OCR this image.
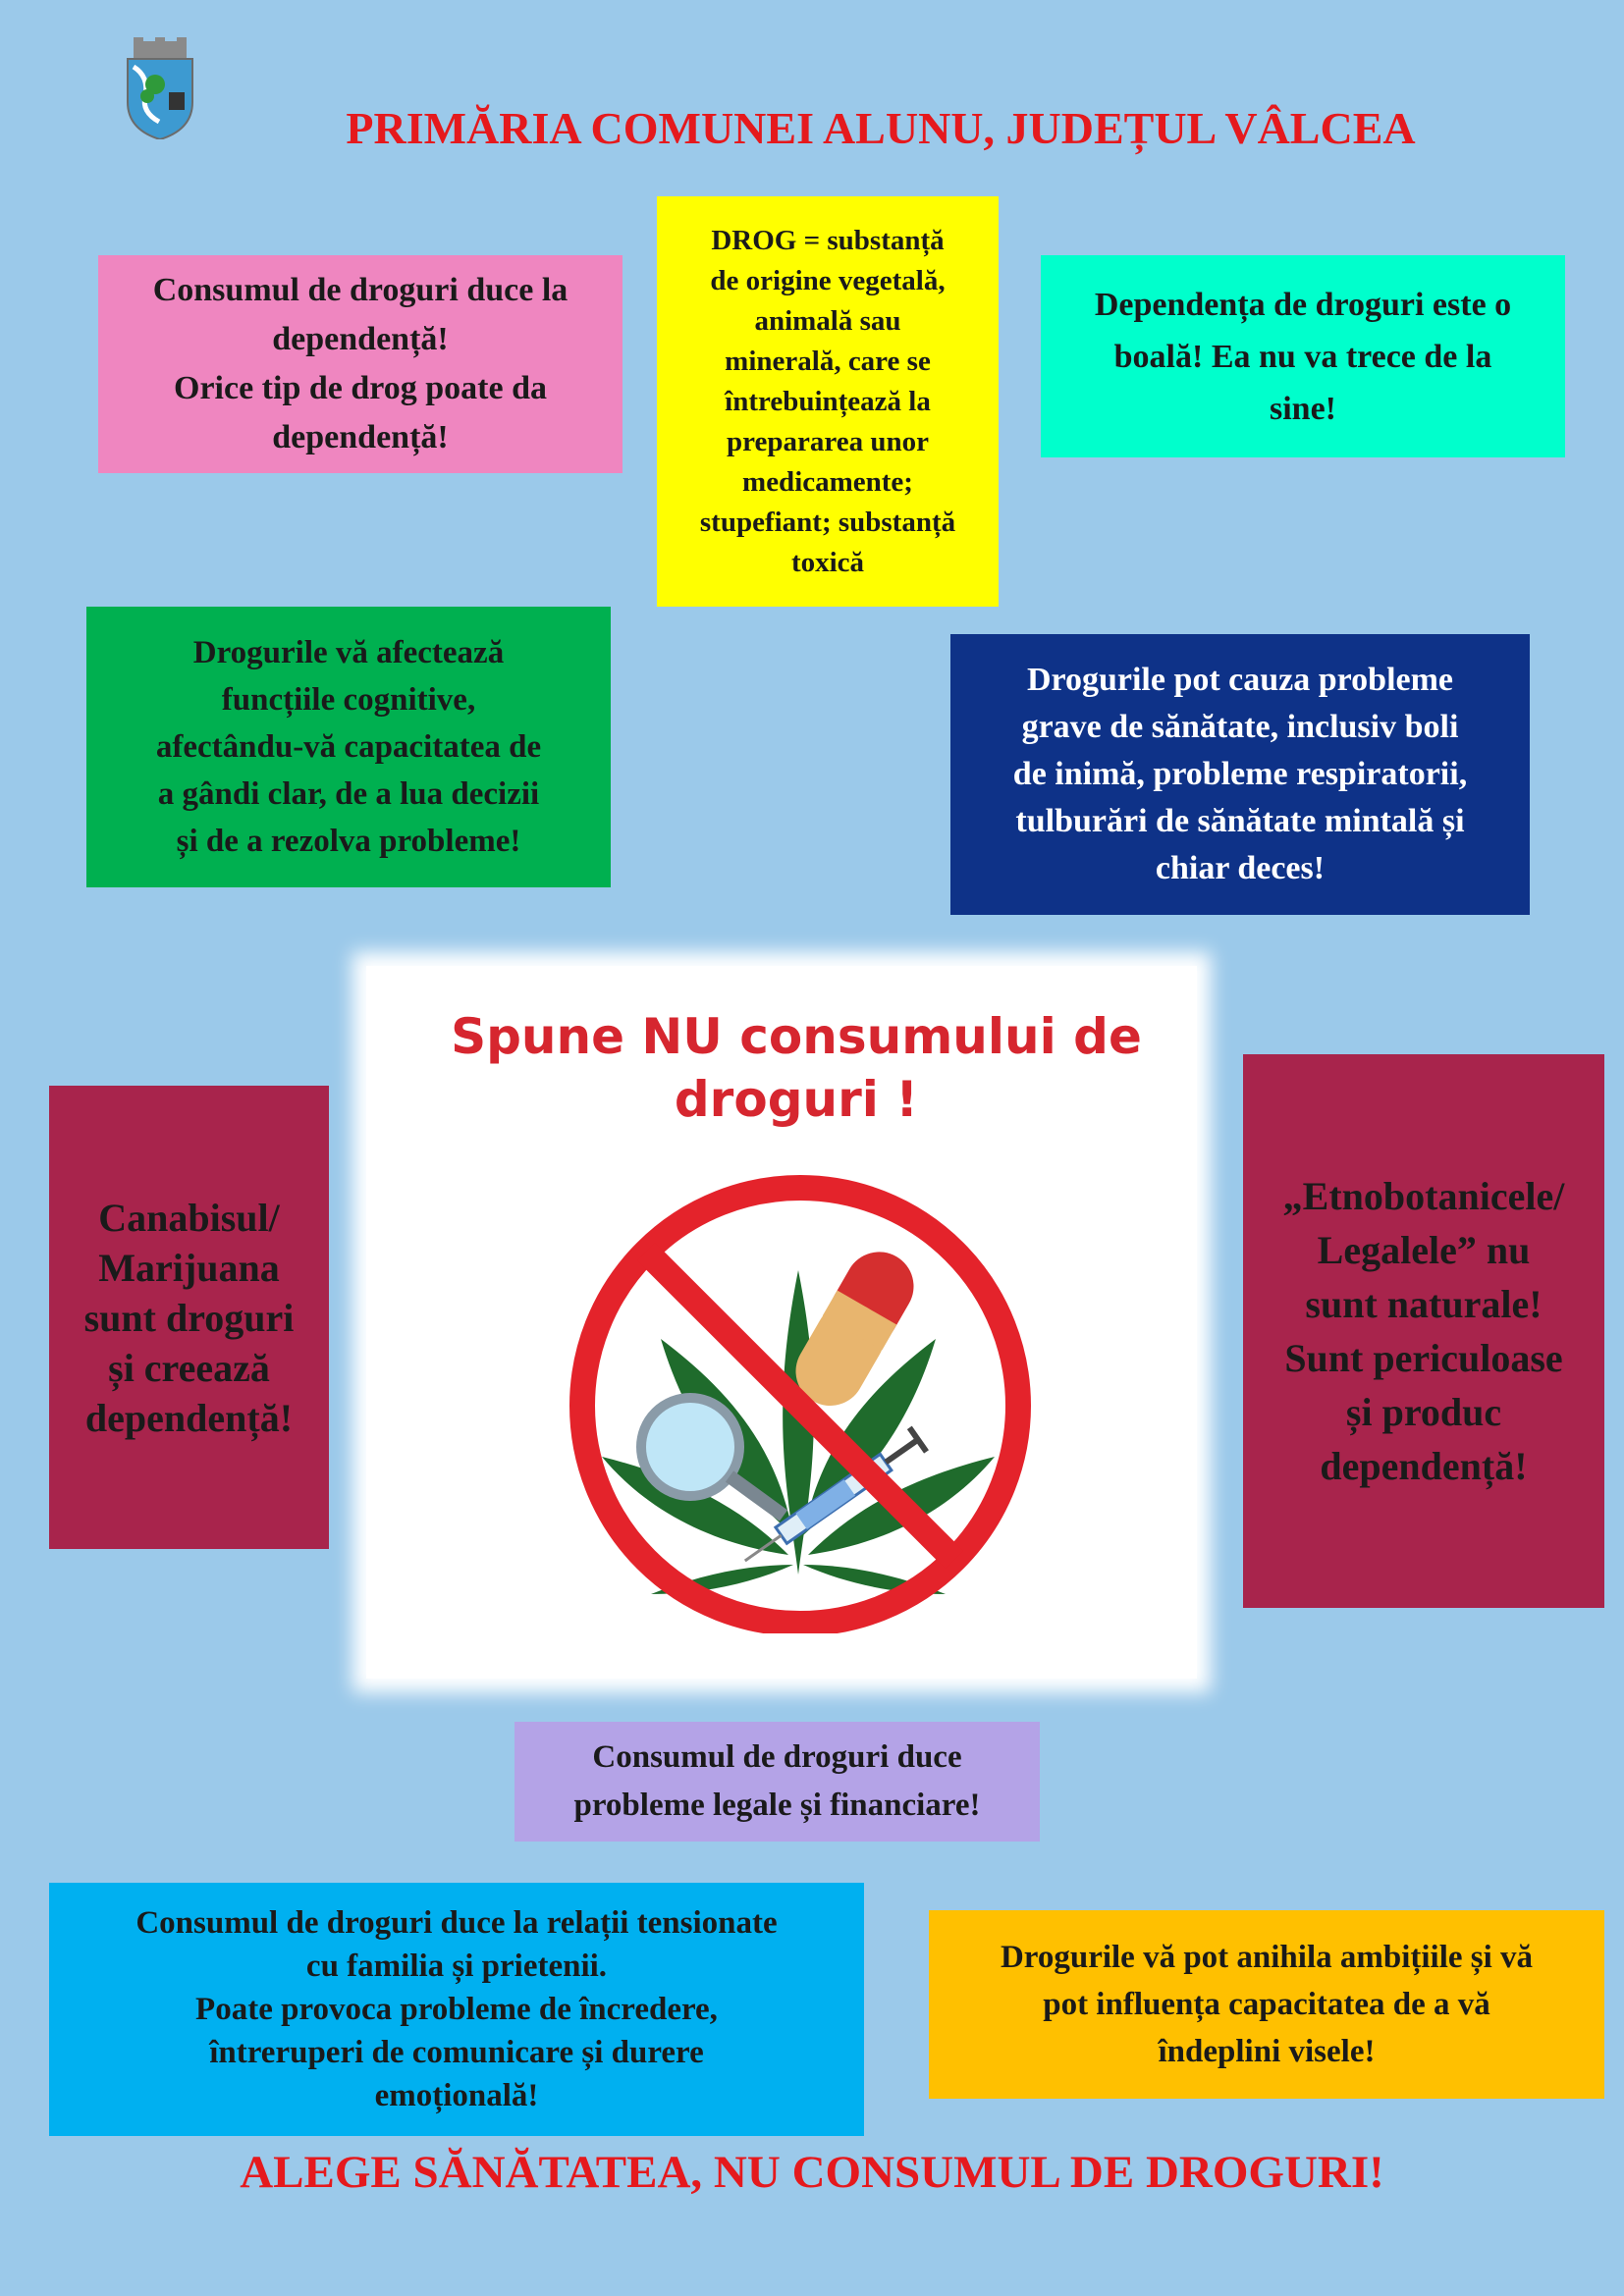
PRIMĂRIA COMUNEI ALUNU, JUDEȚUL VÂLCEA
Consumul de droguri duce la
dependență!
Orice tip de drog poate da
dependență!
DROG = substanță
de origine vegetală,
animală sau
minerală, care se
întrebuințează la
prepararea unor
medicamente;
stupefiant; substanță
toxică
Dependența de droguri este o
boală! Ea nu va trece de la
sine!
Drogurile vă afectează
funcțiile cognitive,
afectându-vă capacitatea de
a gândi clar, de a lua decizii
și de a rezolva probleme!
Drogurile pot cauza probleme
grave de sănătate, inclusiv boli
de inimă, probleme respiratorii,
tulburări de sănătate mintală și
chiar deces!
Canabisul/
Marijuana
sunt droguri
și creează
dependență!
„Etnobotanicele/
Legalele” nu
sunt naturale!
Sunt periculoase
și produc
dependență!
Spune NU consumului de
droguri !
Consumul de droguri duce
probleme legale și financiare!
Consumul de droguri duce la relații tensionate
cu familia și prietenii.
Poate provoca probleme de încredere,
întreruperi de comunicare și durere
emoțională!
Drogurile vă pot anihila ambițiile și vă
pot influența capacitatea de a vă
îndeplini visele!
ALEGE SĂNĂTATEA, NU CONSUMUL DE DROGURI!
